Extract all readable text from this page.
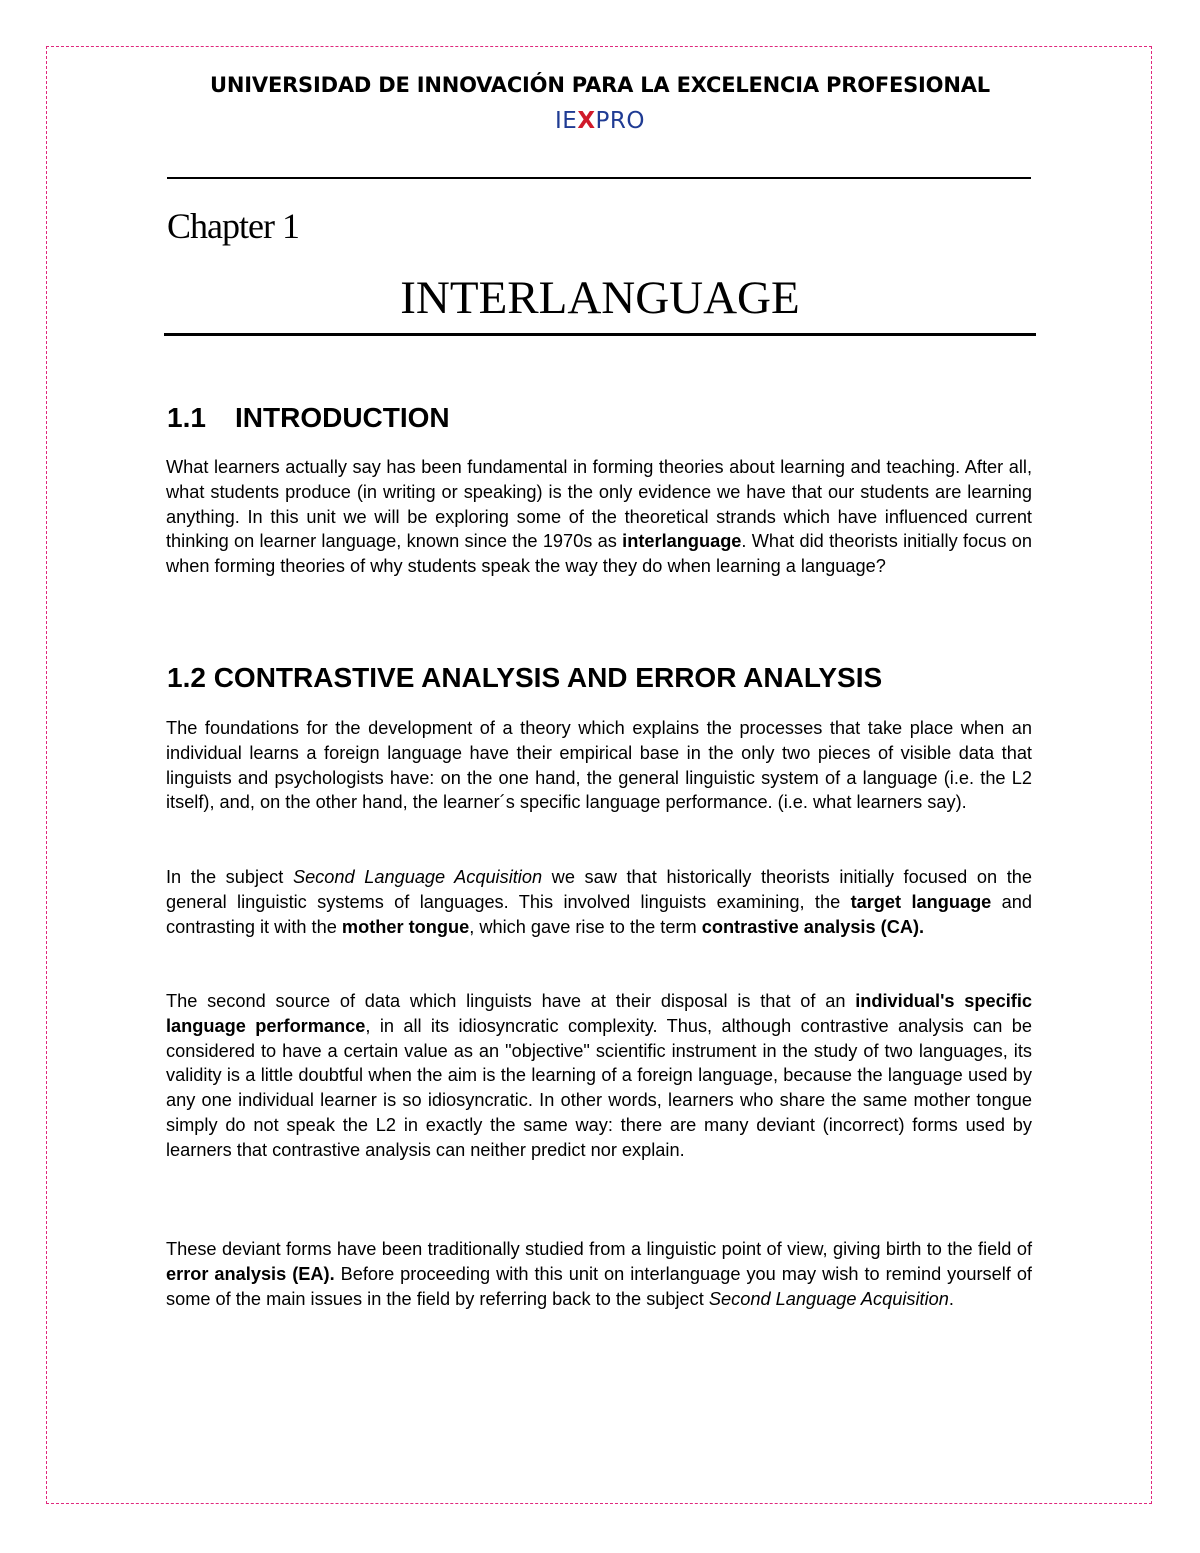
UNIVERSIDAD DE INNOVACIÓN PARA LA EXCELENCIA PROFESIONAL
IEXPRO
Chapter 1
INTERLANGUAGE
1.1 INTRODUCTION

What learners actually say has been fundamental in forming theories about learning and teaching. After all, what students produce (in writing or speaking) is the only evidence we have that our students are learning anything. In this unit we will be exploring some of the theoretical strands which have influenced current thinking on learner language, known since the 1970s as interlanguage. What did theorists initially focus on when forming theories of why students speak the way they do when learning a language?

1.2 CONTRASTIVE ANALYSIS AND ERROR ANALYSIS

The foundations for the development of a theory which explains the processes that take place when an individual learns a foreign language have their empirical base in the only two pieces of visible data that linguists and psychologists have: on the one hand, the general linguistic system of a language (i.e. the L2 itself), and, on the other hand, the learner´s specific language performance. (i.e. what learners say).

In the subject Second Language Acquisition we saw that historically theorists initially focused on the general linguistic systems of languages. This involved linguists examining, the target language and contrasting it with the mother tongue, which gave rise to the term contrastive analysis (CA).

The second source of data which linguists have at their disposal is that of an individual's specific language performance, in all its idiosyncratic complexity. Thus, although contrastive analysis can be considered to have a certain value as an "objective" scientific instrument in the study of two languages, its validity is a little doubtful when the aim is the learning of a foreign language, because the language used by any one individual learner is so idiosyncratic. In other words, learners who share the same mother tongue simply do not speak the L2 in exactly the same way: there are many deviant (incorrect) forms used by learners that contrastive analysis can neither predict nor explain.

These deviant forms have been traditionally studied from a linguistic point of view, giving birth to the field of error analysis (EA). Before proceeding with this unit on interlanguage you may wish to remind yourself of some of the main issues in the field by referring back to the subject Second Language Acquisition.
